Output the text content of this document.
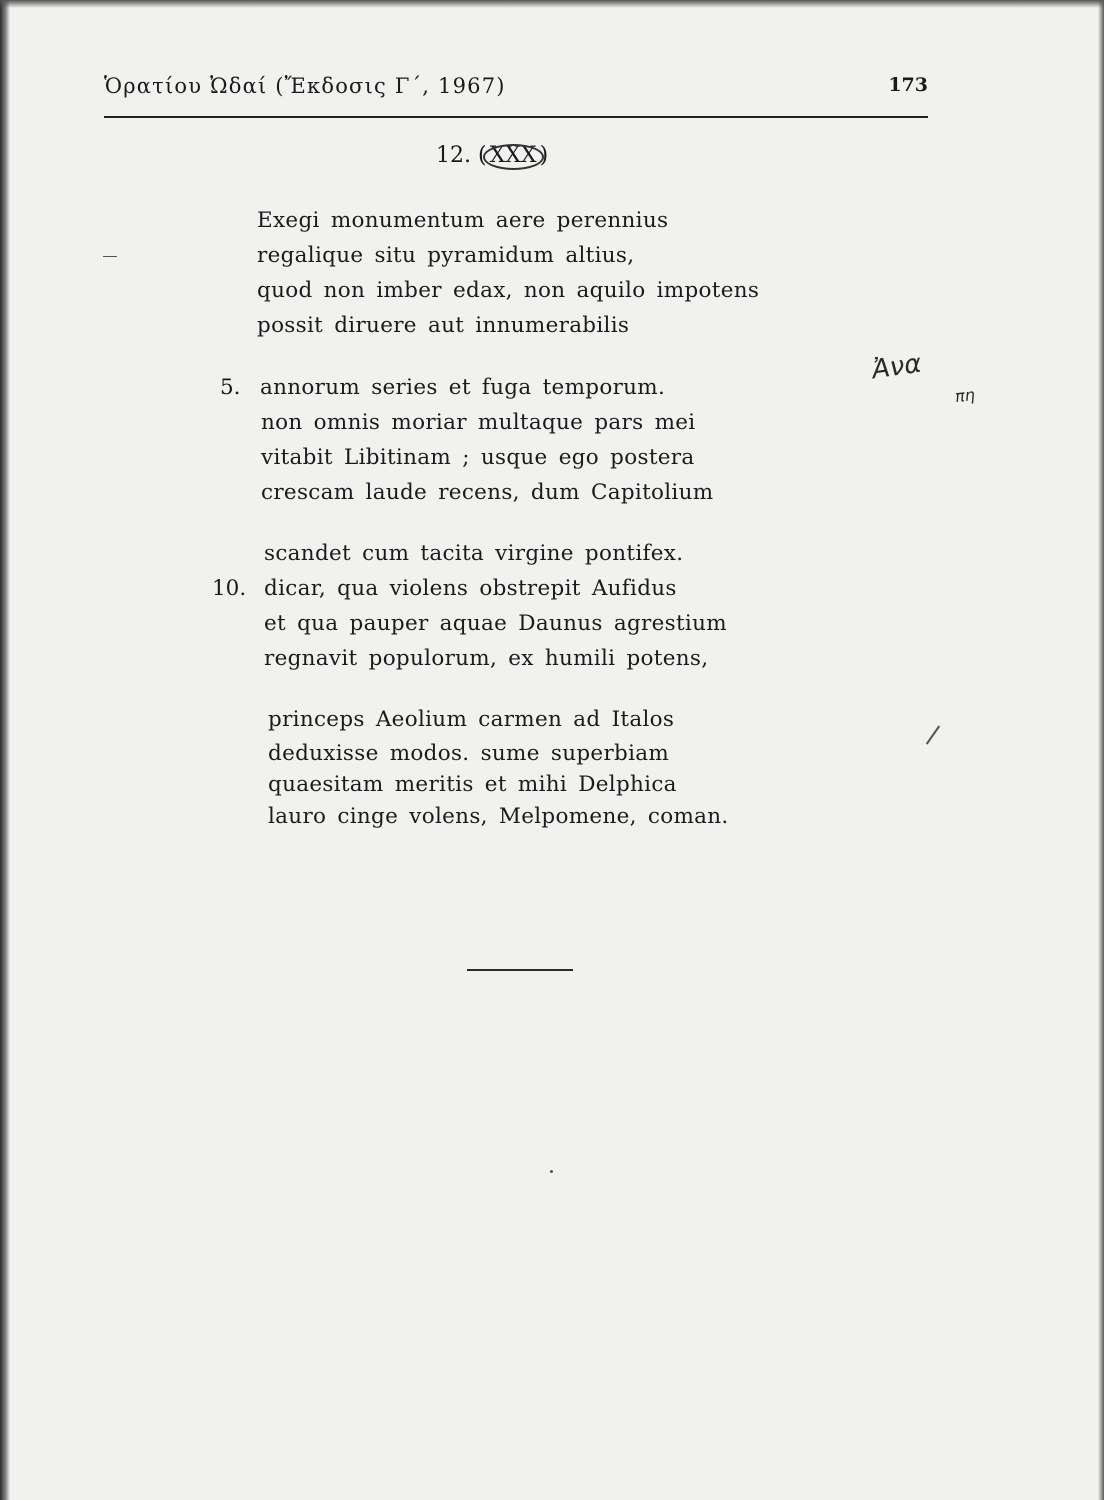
Ὁρατίου Ὠδαί (Ἔκδοσις Γ΄, 1967)	173
12. ( XXX )
Exegi monumentum aere perennius
regalique situ pyramidum altius,
quod non imber edax, non aquilo impotens
possit diruere aut innumerabilis
5. annorum series et fuga temporum.
non omnis moriar multaque pars mei
vitabit Libitinam ; usque ego postera
crescam laude recens, dum Capitolium
scandet cum tacita virgine pontifex.
10. dicar, qua violens obstrepit Aufidus
et qua pauper aquae Daunus agrestium
regnavit populorum, ex humili potens,
princeps Aeolium carmen ad Italos
deduxisse modos. sume superbiam
quaesitam meritis et mihi Delphica
lauro cinge volens, Melpomene, coman.
Ἀνα
πη
